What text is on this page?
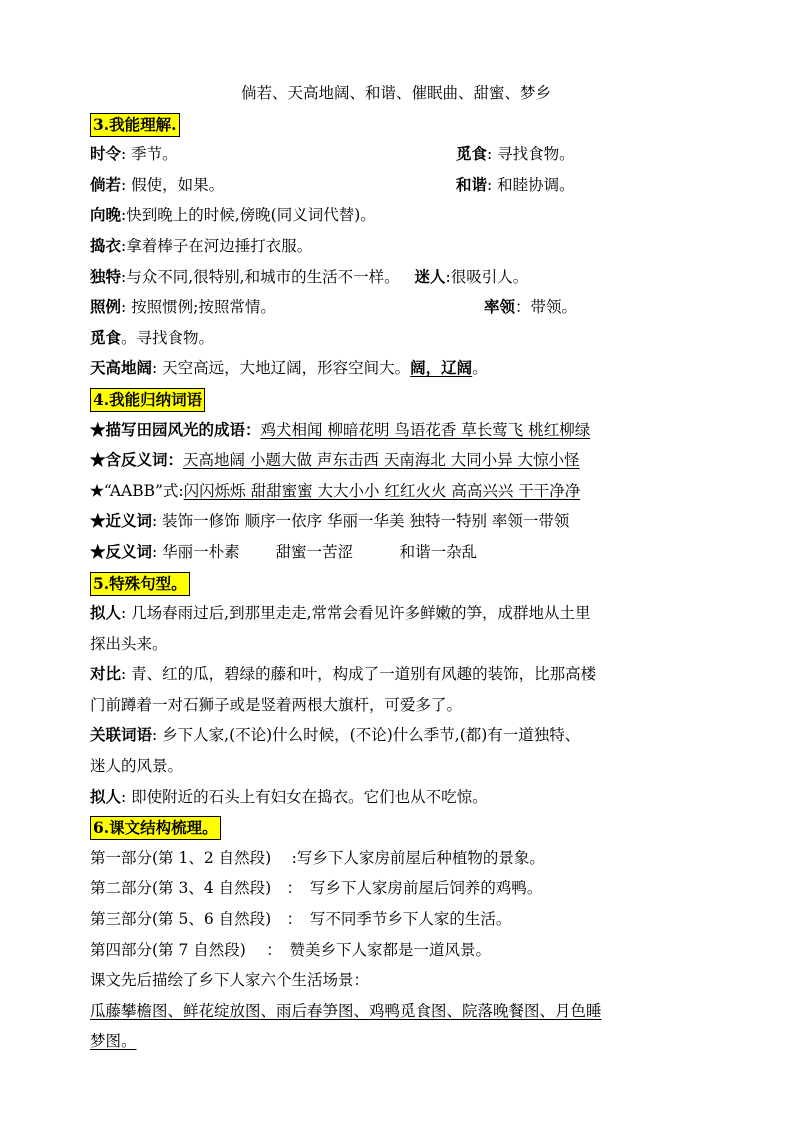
倘若、天高地阔、和谐、催眠曲、甜蜜、梦乡
3.我能理解.
时令: 季节。	觅食: 寻找食物。
倘若: 假使，如果。	和谐: 和睦协调。
向晚:快到晚上的时候,傍晚(同义词代替)。
捣衣:拿着棒子在河边捶打衣服。
独特:与众不同,很特别,和城市的生活不一样。 迷人:很吸引人。
照例: 按照惯例;按照常情。	率领：带领。
觅食。寻找食物。
天高地阔: 天空高远，大地辽阔，形容空间大。阔，辽阔。
4.我能归纳词语
★描写田园风光的成语：鸡犬相闻 柳暗花明 鸟语花香 草长莺飞 桃红柳绿
★含反义词：天高地阔 小题大做 声东击西 天南海北 大同小异 大惊小怪
★“AABB”式:闪闪烁烁 甜甜蜜蜜 大大小小 红红火火 高高兴兴 干干净净
★近义词: 装饰一修饰 顺序一依序 华丽一华美 独特一特别 率领一带领
★反义词: 华丽一朴素　　 甜蜜一苦涩　　　和谐一杂乱
5.特殊句型。
拟人: 几场春雨过后,到那里走走,常常会看见许多鲜嫩的笋，成群地从土里
探出头来。
对比: 青、红的瓜，碧绿的藤和叶，构成了一道别有风趣的装饰，比那高楼
门前蹲着一对石狮子或是竖着两根大旗杆，可爱多了。
关联词语: 乡下人家,(不论)什么时候，(不论)什么季节,(都)有一道独特、
迷人的风景。
拟人: 即使附近的石头上有妇女在捣衣。它们也从不吃惊。
6.课文结构梳理。
第一部分(第 1、2 自然段)　 :写乡下人家房前屋后种植物的景象。
第二部分(第 3、4 自然段)　：　写乡下人家房前屋后饲养的鸡鸭。
第三部分(第 5、6 自然段)　：　写不同季节乡下人家的生活。
第四部分(第 7 自然段)　 ：　赞美乡下人家都是一道风景。
课文先后描绘了乡下人家六个生活场景：
瓜藤攀檐图、鲜花绽放图、雨后春笋图、鸡鸭觅食图、院落晚餐图、月色睡
梦图。
